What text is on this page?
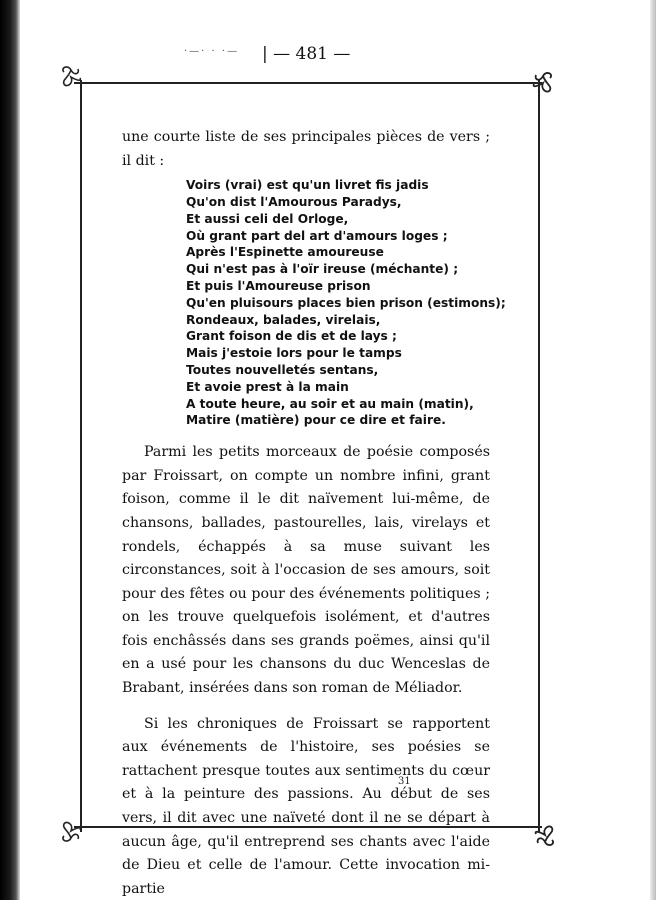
·—· · ·— | — 481 —

une courte liste de ses principales pièces de vers ; il dit :

Voirs (vrai) est qu'un livret fis jadis
Qu'on dist l'Amourous Paradys,
Et aussi celi del Orloge,
Où grant part del art d'amours loges ;
Après l'Espinette amoureuse
Qui n'est pas à l'oïr ireuse (méchante) ;
Et puis l'Amoureuse prison
Qu'en pluisours places bien prison (estimons);
Rondeaux, balades, virelais,
Grant foison de dis et de lays ;
Mais j'estoie lors pour le tamps
Toutes nouvelletés sentans,
Et avoie prest à la main
A toute heure, au soir et au main (matin),
Matire (matière) pour ce dire et faire.

Parmi les petits morceaux de poésie composés par Froissart, on compte un nombre infini, grant foison, comme il le dit naïvement lui-même, de chansons, ballades, pastourelles, lais, virelays et rondels, échappés à sa muse suivant les circonstances, soit à l'occasion de ses amours, soit pour des fêtes ou pour des événements politiques ; on les trouve quelquefois isolément, et d'autres fois enchâssés dans ses grands poëmes, ainsi qu'il en a usé pour les chansons du duc Wenceslas de Brabant, insérées dans son roman de Méliador.

Si les chroniques de Froissart se rapportent aux événements de l'histoire, ses poésies se rattachent presque toutes aux sentiments du cœur et à la peinture des passions. Au début de ses vers, il dit avec une naïveté dont il ne se départ à aucun âge, qu'il entreprend ses chants avec l'aide de Dieu et celle de l'amour. Cette invocation mi-partie

31
